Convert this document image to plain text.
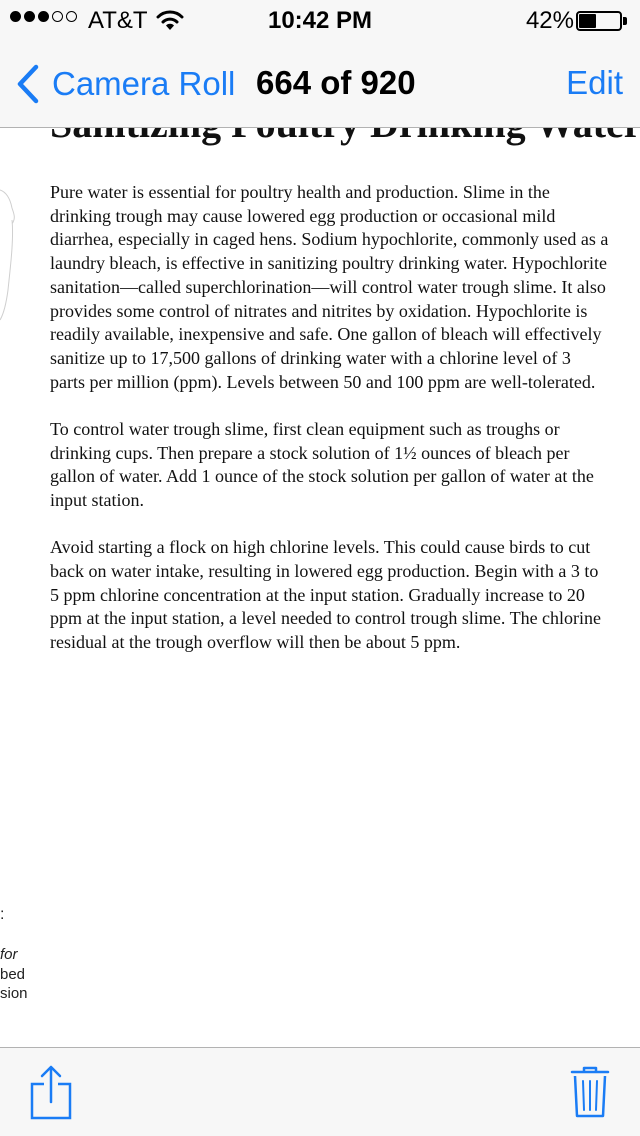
Pure water is essential for poultry health and production. Slime in the drinking trough may cause lowered egg production or occasional mild diarrhea, especially in caged hens. Sodium hypochlorite, commonly used as a laundry bleach, is effective in sanitizing poultry drinking water. Hypochlorite sanitation—called superchlorination—will control water trough slime. It also provides some control of nitrates and nitrites by oxidation. Hypochlorite is readily available, inexpensive and safe. One gallon of bleach will effectively sanitize up to 17,500 gallons of drinking water with a chlorine level of 3 parts per million (ppm). Levels between 50 and 100 ppm are well-tolerated.

To control water trough slime, first clean equipment such as troughs or drinking cups. Then prepare a stock solution of 1½ ounces of bleach per gallon of water. Add 1 ounce of the stock solution per gallon of water at the input station.

Avoid starting a flock on high chlorine levels. This could cause birds to cut back on water intake, resulting in lowered egg production. Begin with a 3 to 5 ppm chlorine concentration at the input station. Gradually increase to 20 ppm at the input station, a level needed to control trough slime. The chlorine residual at the trough overflow will then be about 5 ppm.

:
for
bed
sion
AT&T	10:42 PM	42%
Camera Roll 664 of 920	Edit
